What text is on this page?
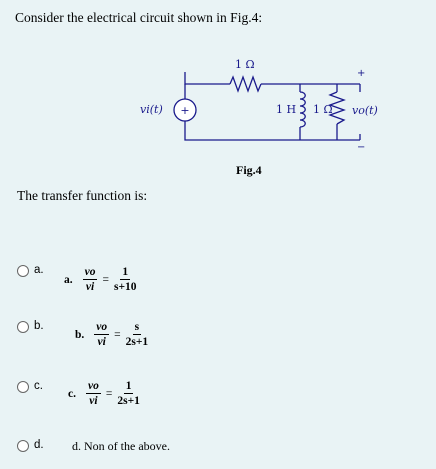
Consider the electrical circuit shown in Fig.4:
+
vi(t)
1 Ω
1 H 1 Ω
+
−
vo(t)
Fig.4
The transfer function is:
a.
a. $\frac{vo}{vi} = \frac{1}{s+10}$
b.
b. $\frac{vo}{vi} = \frac{s}{2s+1}$
c.
c. $\frac{vo}{vi} = \frac{1}{2s+1}$
d. d. Non of the above.
